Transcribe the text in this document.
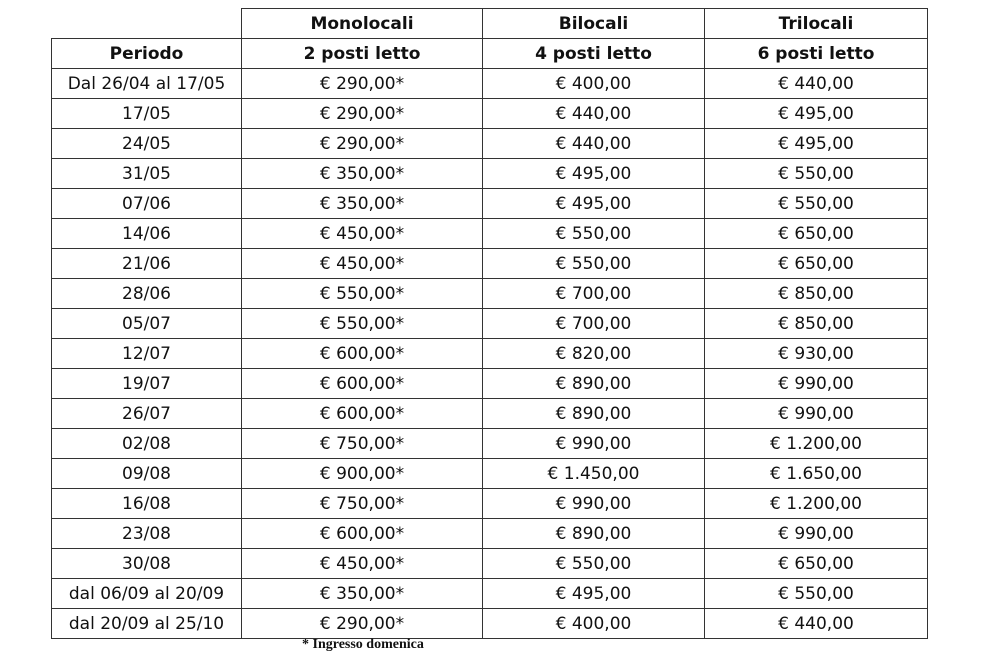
	Monolocali	Bilocali	Trilocali
Periodo	2 posti letto	4 posti letto	6 posti letto
Dal 26/04 al 17/05	€ 290,00*	€ 400,00	€ 440,00
17/05	€ 290,00*	€ 440,00	€ 495,00
24/05	€ 290,00*	€ 440,00	€ 495,00
31/05	€ 350,00*	€ 495,00	€ 550,00
07/06	€ 350,00*	€ 495,00	€ 550,00
14/06	€ 450,00*	€ 550,00	€ 650,00
21/06	€ 450,00*	€ 550,00	€ 650,00
28/06	€ 550,00*	€ 700,00	€ 850,00
05/07	€ 550,00*	€ 700,00	€ 850,00
12/07	€ 600,00*	€ 820,00	€ 930,00
19/07	€ 600,00*	€ 890,00	€ 990,00
26/07	€ 600,00*	€ 890,00	€ 990,00
02/08	€ 750,00*	€ 990,00	€ 1.200,00
09/08	€ 900,00*	€ 1.450,00	€ 1.650,00
16/08	€ 750,00*	€ 990,00	€ 1.200,00
23/08	€ 600,00*	€ 890,00	€ 990,00
30/08	€ 450,00*	€ 550,00	€ 650,00
dal 06/09 al 20/09	€ 350,00*	€ 495,00	€ 550,00
dal 20/09 al 25/10	€ 290,00*	€ 400,00	€ 440,00
* Ingresso domenica
